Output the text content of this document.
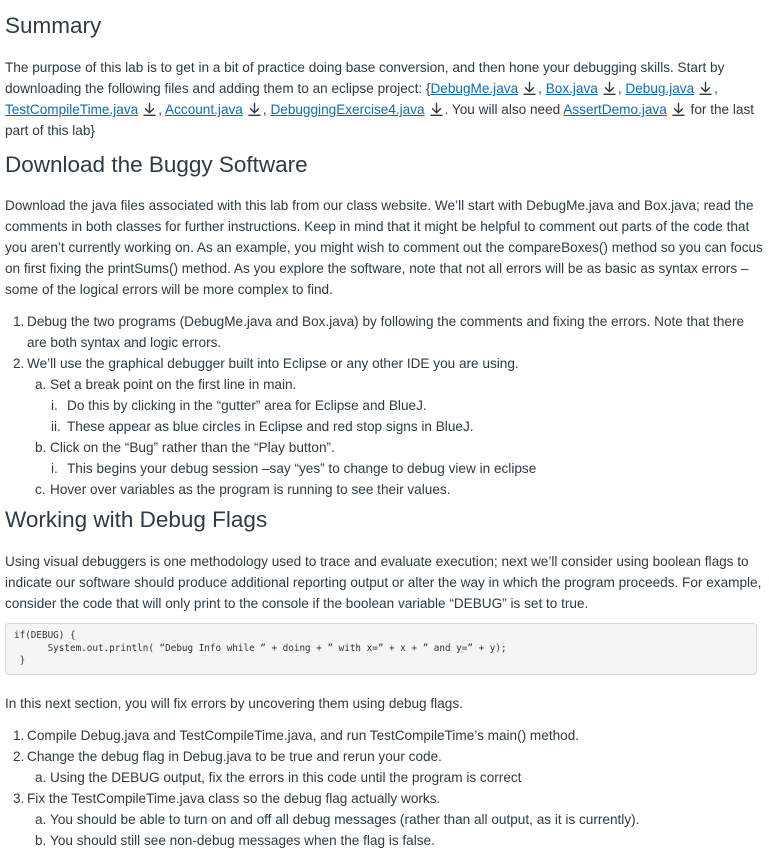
Summary

The purpose of this lab is to get in a bit of practice doing base conversion, and then hone your debugging skills. Start by downloading the following files and adding them to an eclipse project: {DebugMe.java , Box.java , Debug.java , TestCompileTime.java , Account.java , DebuggingExercise4.java . You will also need AssertDemo.java
for the last part of this lab}

Download the Buggy Software

Download the java files associated with this lab from our class website. We’ll start with DebugMe.java and Box.java; read the comments in both classes for further instructions. Keep in mind that it might be helpful to comment out parts of the code that you aren’t currently working on. As an example, you might wish to comment out the compareBoxes() method so you can focus on first fixing the printSums() method. As you explore the software, note that not all errors will be as basic as syntax errors –some of the logical errors will be more complex to find.

1. Debug the two programs (DebugMe.java and Box.java) by following the comments and fixing the errors. Note that there are both syntax and logic errors.
2. We’ll use the graphical debugger built into Eclipse or any other IDE you are using.
a. Set a break point on the first line in main.
i. Do this by clicking in the “gutter” area for Eclipse and BlueJ.
ii. These appear as blue circles in Eclipse and red stop signs in BlueJ.
b. Click on the “Bug” rather than the “Play button”.
i. This begins your debug session –say “yes” to change to debug view in eclipse
c. Hover over variables as the program is running to see their values.
Working with Debug Flags

Using visual debuggers is one methodology used to trace and evaluate execution; next we’ll consider using boolean flags to indicate our software should produce additional reporting output or alter the way in which the program proceeds. For example, consider the code that will only print to the console if the boolean variable “DEBUG” is set to true.

if(DEBUG) {
System.out.println( “Debug Info while ” + doing + ” with x=” + x + ” and y=” + y);
}

In this next section, you will fix errors by uncovering them using debug flags.

1. Compile Debug.java and TestCompileTime.java, and run TestCompileTime’s main() method.
2. Change the debug flag in Debug.java to be true and rerun your code.
a. Using the DEBUG output, fix the errors in this code until the program is correct
3. Fix the TestCompileTime.java class so the debug flag actually works.
a. You should be able to turn on and off all debug messages (rather than all output, as it is currently).
b. You should still see non-debug messages when the flag is false.
